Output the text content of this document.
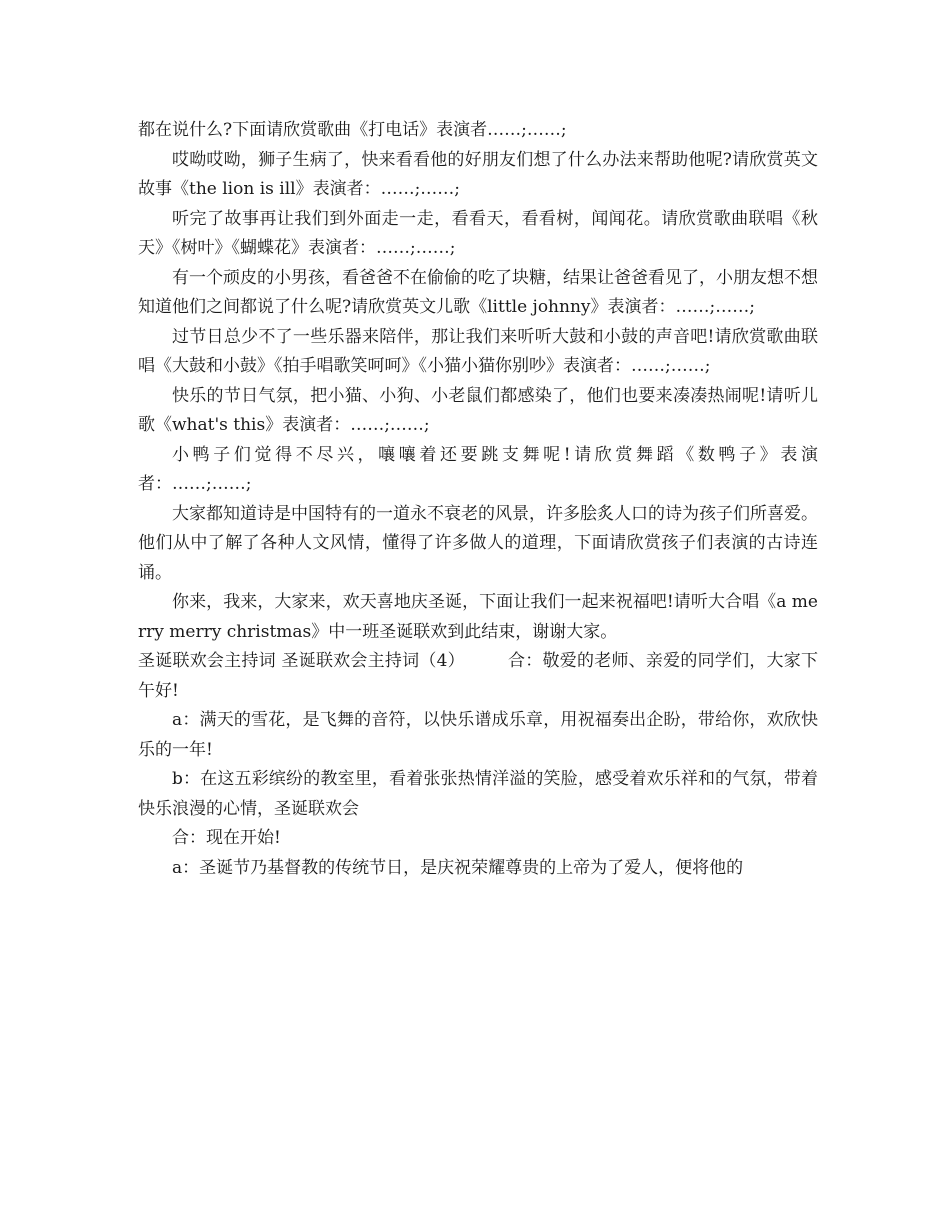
都在说什么?下面请欣赏歌曲《打电话》表演者……;……;

哎呦哎呦，狮子生病了，快来看看他的好朋友们想了什么办法来帮助他呢?请欣赏英文故事《the lion is ill》表演者：……;……;

听完了故事再让我们到外面走一走，看看天，看看树，闻闻花。请欣赏歌曲联唱《秋天》《树叶》《蝴蝶花》表演者：……;……;

有一个顽皮的小男孩，看爸爸不在偷偷的吃了块糖，结果让爸爸看见了，小朋友想不想知道他们之间都说了什么呢?请欣赏英文儿歌《little johnny》表演者：……;……;

过节日总少不了一些乐器来陪伴，那让我们来听听大鼓和小鼓的声音吧!请欣赏歌曲联唱《大鼓和小鼓》《拍手唱歌笑呵呵》《小猫小猫你别吵》表演者：……;……;

快乐的节日气氛，把小猫、小狗、小老鼠们都感染了，他们也要来凑凑热闹呢!请听儿歌《what's this》表演者：……;……;

小鸭子们觉得不尽兴，嚷嚷着还要跳支舞呢!请欣赏舞蹈《数鸭子》表演者：……;……;

大家都知道诗是中国特有的一道永不衰老的风景，许多脍炙人口的诗为孩子们所喜爱。他们从中了解了各种人文风情，懂得了许多做人的道理，下面请欣赏孩子们表演的古诗连诵。

你来，我来，大家来，欢天喜地庆圣诞，下面让我们一起来祝福吧!请听大合唱《a merry merry christmas》中一班圣诞联欢到此结束，谢谢大家。

圣诞联欢会主持词 圣诞联欢会主持词（4）　　　合：敬爱的老师、亲爱的同学们，大家下午好!

a：满天的雪花，是飞舞的音符，以快乐谱成乐章，用祝福奏出企盼，带给你，欢欣快乐的一年!

b：在这五彩缤纷的教室里，看着张张热情洋溢的笑脸，感受着欢乐祥和的气氛，带着快乐浪漫的心情，圣诞联欢会

合：现在开始!

a：圣诞节乃基督教的传统节日，是庆祝荣耀尊贵的上帝为了爱人，便将他的
